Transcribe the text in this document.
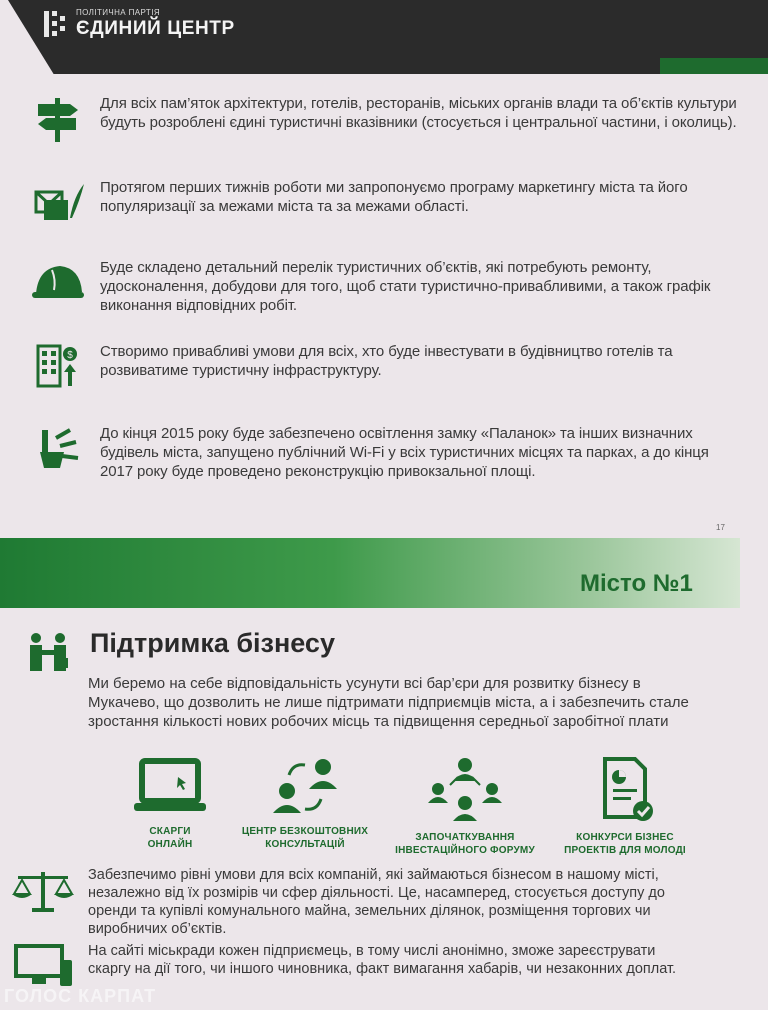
ПОЛІТИЧНА ПАРТІЯ
ЄДИНИЙ ЦЕНТР
Для всіх пам’яток архітектури, готелів, ресторанів, міських органів влади та об’єктів культури будуть розроблені єдині туристичні вказівники (стосується і центральної частини, і околиць).
Протягом перших тижнів роботи ми запропонуємо програму маркетингу міста та його популяризації за межами міста та за межами області.
Буде складено детальний перелік туристичних об’єктів, які потребують ремонту, удосконалення, добудови для того, щоб стати туристично-привабливими, а також графік виконання відповідних робіт.
$ Створимо привабливі умови для всіх, хто буде інвестувати в будівництво готелів та розвиватиме туристичну інфраструктуру.
До кінця 2015 року буде забезпечено освітлення замку «Паланок» та інших визначних будівель міста, запущено публічний Wi-Fi у всіх туристичних місцях та парках, а до кінця 2017 року буде проведено реконструкцію привокзальної площі.
17
Місто №1
Підтримка бізнесу
Ми беремо на себе відповідальність усунути всі бар’єри для розвитку бізнесу в Мукачево, що дозволить не лише підтримати підприємців міста, а і забезпечить стале зростання кількості нових робочих місць та підвищення середньої заробітної плати
СКАРГИ
ОНЛАЙН
ЦЕНТР БЕЗКОШТОВНИХ
КОНСУЛЬТАЦІЙ
ЗАПОЧАТКУВАННЯ
ІНВЕСТАЦІЙНОГО ФОРУМУ
КОНКУРСИ БІЗНЕС
ПРОЕКТІВ ДЛЯ МОЛОДІ
Забезпечимо рівні умови для всіх компаній, які займаються бізнесом в нашому місті, незалежно від їх розмірів чи сфер діяльності. Це, насамперед, стосується доступу до оренди та купівлі комунального майна, земельних ділянок, розміщення торгових чи виробничих об’єктів.
На сайті міськради кожен підприємець, в тому числі анонімно, зможе зареєструвати скаргу на дії того, чи іншого чиновника, факт вимагання хабарів, чи незаконних доплат.
ГОЛОС КАРПАТ
